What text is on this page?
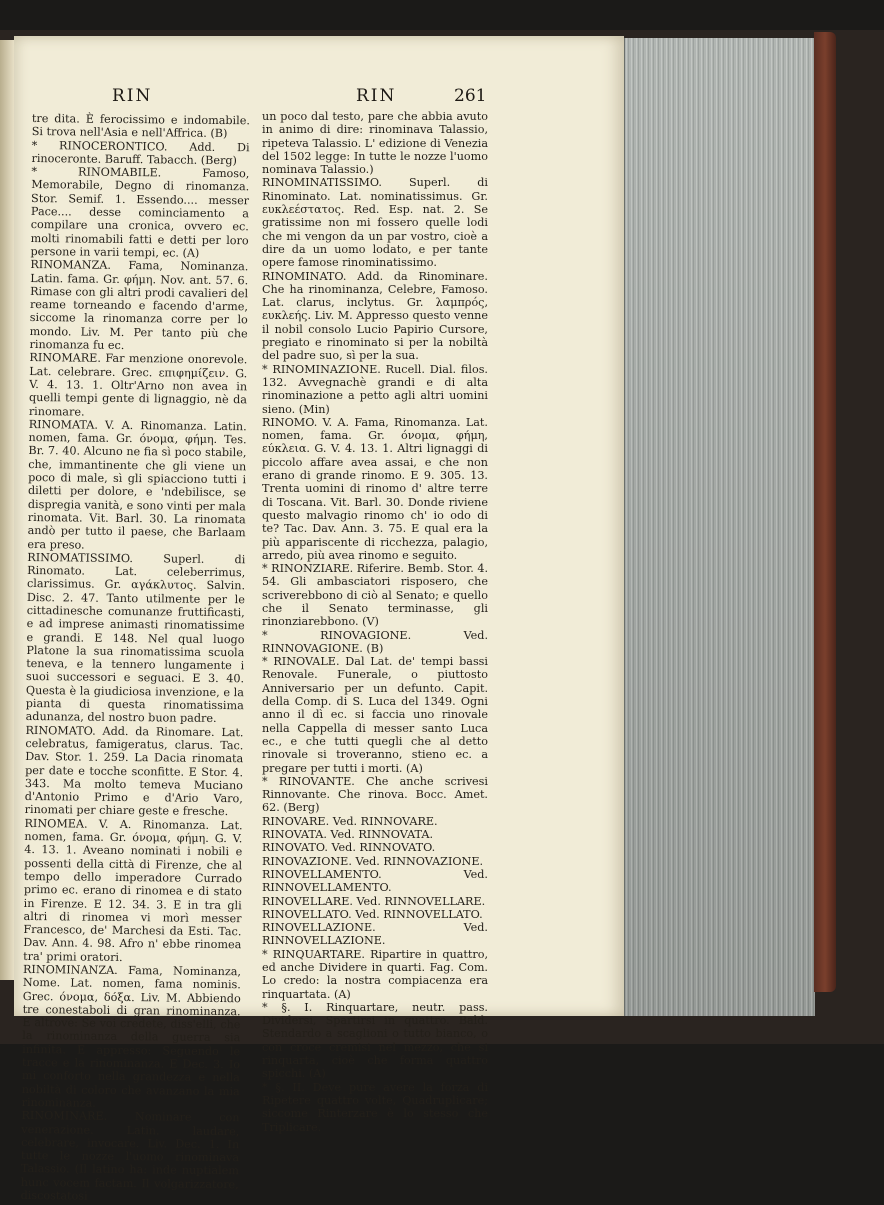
RIN	RIN	261

tre dita. È ferocissimo e indomabile. Si trova nell'Asia e nell'Affrica. (B)

* RINOCERONTICO. Add. Di rinoceronte. Baruff. Tabacch. (Berg)

* RINOMABILE. Famoso, Memorabile, Degno di rinomanza. Stor. Semif. 1. Essendo.... messer Pace.... desse cominciamento a compilare una cronica, ovvero ec. molti rinomabili fatti e detti per loro persone in varii tempi, ec. (A)

RINOMANZA. Fama, Nominanza. Latin. fama. Gr. φήμη. Nov. ant. 57. 6. Rimase con gli altri prodi cavalieri del reame torneando e facendo d'arme, siccome la rinomanza corre per lo mondo. Liv. M. Per tanto più che rinomanza fu ec.

RINOMARE. Far menzione onorevole. Lat. celebrare. Grec. επιφημίζειν. G. V. 4. 13. 1. Oltr'Arno non avea in quelli tempi gente di lignaggio, nè da rinomare.

RINOMATA. V. A. Rinomanza. Latin. nomen, fama. Gr. όνομα, φήμη. Tes. Br. 7. 40. Alcuno ne fia sì poco stabile, che, immantinente che gli viene un poco di male, sì gli spiacciono tutti i diletti per dolore, e 'ndebilisce, se dispregia vanità, e sono vinti per mala rinomata. Vit. Barl. 30. La rinomata andò per tutto il paese, che Barlaam era preso.

RINOMATISSIMO. Superl. di Rinomato. Lat. celeberrimus, clarissimus. Gr. αγάκλυτος. Salvin. Disc. 2. 47. Tanto utilmente per le cittadinesche comunanze fruttificasti, e ad imprese animasti rinomatissime e grandi. E 148. Nel qual luogo Platone la sua rinomatissima scuola teneva, e la tennero lungamente i suoi successori e seguaci. E 3. 40. Questa è la giudiciosa invenzione, e la pianta di questa rinomatissima adunanza, del nostro buon padre.

RINOMATO. Add. da Rinomare. Lat. celebratus, famigeratus, clarus. Tac. Dav. Stor. 1. 259. La Dacia rinomata per date e tocche sconfitte. E Stor. 4. 343. Ma molto temeva Muciano d'Antonio Primo e d'Ario Varo, rinomati per chiare geste e fresche.

RINOMEA. V. A. Rinomanza. Lat. nomen, fama. Gr. όνομα, φήμη. G. V. 4. 13. 1. Aveano nominati i nobili e possenti della città di Firenze, che al tempo dello imperadore Currado primo ec. erano di rinomea e di stato in Firenze. E 12. 34. 3. E in tra gli altri di rinomea vi morì messer Francesco, de' Marchesi da Esti. Tac. Dav. Ann. 4. 98. Afro n' ebbe rinomea tra' primi oratori.

RINOMINANZA. Fama, Nominanza, Nome. Lat. nomen, fama nominis. Grec. όνομα, δόξα. Liv. M. Abbiendo tre conestaboli di gran rinominanza. E altrove: Se voi credete, diss'elli, che la rinominanza della guerra sia infinita. E appresso: Seguendo le tracce e la rinominanza. E Dec. 3. Io mi conforto nella grandezza e nella nobiltà di coloro che avanzano la mia rinominanza.

RINOMINARE. Nominare con venerazione. Latin. laudare, celebrare, invocare. Liv. Dec. 1. In tutte le nozze l'uomo rinominava Talassio. (Il latino ha: inde nuptialem hunc vocem factam. Il volgarizzatore, discostatosi

un poco dal testo, pare che abbia avuto in animo di dire: rinominava Talassio, ripeteva Talassio. L' edizione di Venezia del 1502 legge: In tutte le nozze l'uomo nominava Talassio.)

RINOMINATISSIMO. Superl. di Rinominato. Lat. nominatissimus. Gr. ευκλεέστατος. Red. Esp. nat. 2. Se gratissime non mi fossero quelle lodi che mi vengon da un par vostro, cioè a dire da un uomo lodato, e per tante opere famose rinominatissimo.

RINOMINATO. Add. da Rinominare. Che ha rinominanza, Celebre, Famoso. Lat. clarus, inclytus. Gr. λαμπρός, ευκλεής. Liv. M. Appresso questo venne il nobil consolo Lucio Papirio Cursore, pregiato e rinominato si per la nobiltà del padre suo, sì per la sua.

* RINOMINAZIONE. Rucell. Dial. filos. 132. Avvegnachè grandi e di alta rinominazione a petto agli altri uomini sieno. (Min)

RINOMO. V. A. Fama, Rinomanza. Lat. nomen, fama. Gr. όνομα, φήμη, εύκλεια. G. V. 4. 13. 1. Altri lignaggi di piccolo affare avea assai, e che non erano di grande rinomo. E 9. 305. 13. Trenta uomini di rinomo d' altre terre di Toscana. Vit. Barl. 30. Donde riviene questo malvagio rinomo ch' io odo di te? Tac. Dav. Ann. 3. 75. E qual era la più appariscente di ricchezza, palagio, arredo, più avea rinomo e seguito.

* RINONZIARE. Riferire. Bemb. Stor. 4. 54. Gli ambasciatori risposero, che scriverebbono di ciò al Senato; e quello che il Senato terminasse, gli rinonziarebbono. (V)

* RINOVAGIONE. Ved. RINNOVAGIONE. (B)

* RINOVALE. Dal Lat. de' tempi bassi Renovale. Funerale, o piuttosto Anniversario per un defunto. Capit. della Comp. di S. Luca del 1349. Ogni anno il dì ec. si faccia uno rinovale nella Cappella di messer santo Luca ec., e che tutti quegli che al detto rinovale si troveranno, stieno ec. a pregare per tutti i morti. (A)

* RINOVANTE. Che anche scrivesi Rinnovante. Che rinova. Bocc. Amet. 62. (Berg)

RINOVARE. Ved. RINNOVARE.

RINOVATA. Ved. RINNOVATA.

RINOVATO. Ved. RINNOVATO.

RINOVAZIONE. Ved. RINNOVAZIONE.

RINOVELLAMENTO. Ved. RINNOVELLAMENTO.

RINOVELLARE. Ved. RINNOVELLARE.

RINOVELLATO. Ved. RINNOVELLATO.

RINOVELLAZIONE. Ved. RINNOVELLAZIONE.

* RINQUARTARE. Ripartire in quattro, ed anche Dividere in quarti. Fag. Com. Lo credo: la nostra compiacenza era rinquartata. (A)

* §. I. Rinquartare, neutr. pass. Dividersi, Spartirsi in quattro. Bald. Stendardo a scaglioni o tutto bianco, o con croce cremisi nel mezzo, che si rinquarta, cioè che forma quattro spicchi. (A)

* §. II. Deve pure avere la forza di Ripetere quattro volte, Quadruplicare; siccome Rinterzare è lo stesso che Triplicare.
